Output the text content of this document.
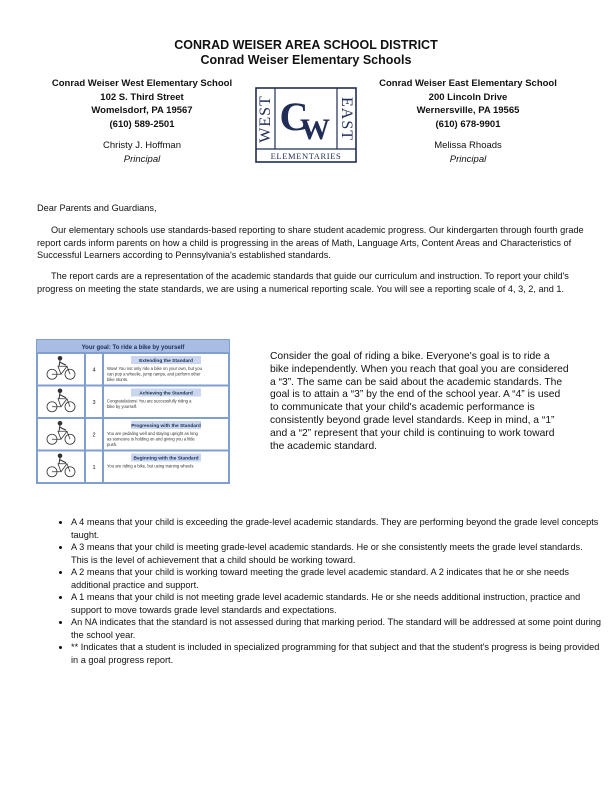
CONRAD WEISER AREA SCHOOL DISTRICT
Conrad Weiser Elementary Schools
Conrad Weiser West Elementary School
102 S. Third Street
Womelsdorf, PA 19567
(610) 589-2501
Christy J. Hoffman
Principal
WEST	EAST
C
W
ELEMENTARIES
Conrad Weiser East Elementary School
200 Lincoln Drive
Wernersville, PA 19565
(610) 678-9901
Melissa Rhoads
Principal
Dear Parents and Guardians,
Our elementary schools use standards-based reporting to share student academic progress. Our kindergarten through fourth grade report cards inform parents on how a child is progressing in the areas of Math, Language Arts, Content Areas and Characteristics of Successful Learners according to Pennsylvania's established standards.
The report cards are a representation of the academic standards that guide our curriculum and instruction. To report your child's progress on meeting the state standards, we are using a numerical reporting scale. You will see a reporting scale of 4, 3, 2, and 1.
Your goal: To ride a bike by yourself
4
Extending the Standard
Wow! You not only ride a bike on your own, but you
can pop a wheelie, jump ramps, and perform other
bike stunts.
3
Achieving the Standard
Congratulations! You are successfully riding a
bike by yourself.
2
Progressing with the Standard
You are pedaling well and staying upright as long
as someone is holding on and giving you a little
push.
1
Beginning with the Standard
You are riding a bike, but using training wheels
Consider the goal of riding a bike. Everyone's goal is to ride a bike independently. When you reach that goal you are considered a “3”. The same can be said about the academic standards. The goal is to attain a “3” by the end of the school year. A “4” is used to communicate that your child's academic performance is consistently beyond grade level standards. Keep in mind, a “1” and a “2” represent that your child is continuing to work toward the academic standard.
• A 4 means that your child is exceeding the grade-level academic standards. They are performing beyond the grade level concepts taught.
• A 3 means that your child is meeting grade-level academic standards. He or she consistently meets the grade level standards. This is the level of achievement that a child should be working toward.
• A 2 means that your child is working toward meeting the grade level academic standard. A 2 indicates that he or she needs additional practice and support.
• A 1 means that your child is not meeting grade level academic standards. He or she needs additional instruction, practice and support to move towards grade level standards and expectations.
• An NA indicates that the standard is not assessed during that marking period. The standard will be addressed at some point during the school year.
• ** Indicates that a student is included in specialized programming for that subject and that the student's progress is being provided in a goal progress report.
